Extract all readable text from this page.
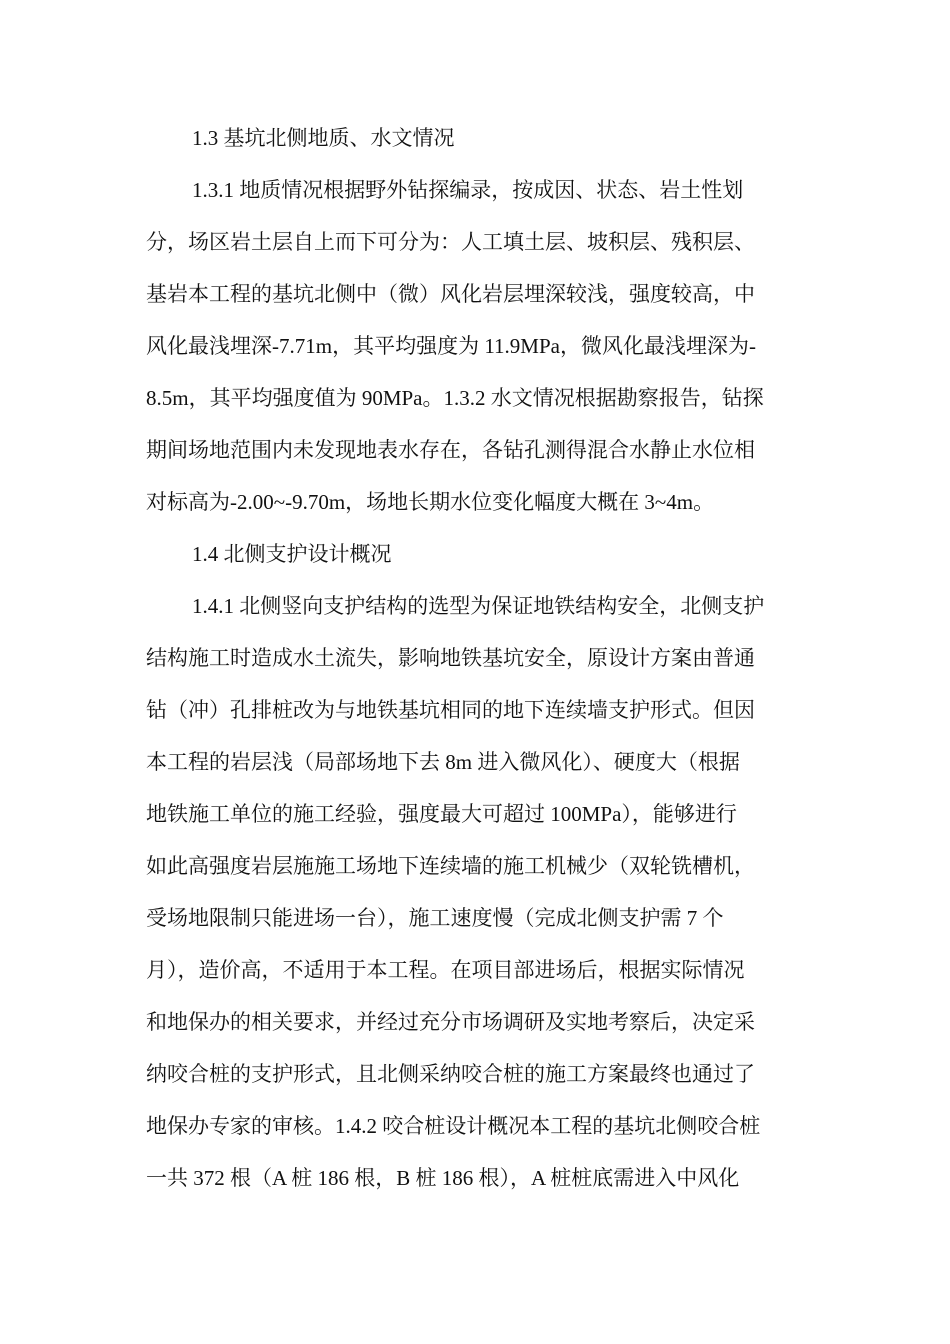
1.3 基坑北侧地质、水文情况

1.3.1 地质情况根据野外钻探编录，按成因、状态、岩土性划
分，场区岩土层自上而下可分为：人工填土层、坡积层、残积层、
基岩本工程的基坑北侧中（微）风化岩层埋深较浅，强度较高，中
风化最浅埋深-7.71m，其平均强度为 11.9MPa，微风化最浅埋深为-
8.5m，其平均强度值为 90MPa。1.3.2 水文情况根据勘察报告，钻探
期间场地范围内未发现地表水存在，各钻孔测得混合水静止水位相
对标高为-2.00~-9.70m，场地长期水位变化幅度大概在 3~4m。

1.4 北侧支护设计概况

1.4.1 北侧竖向支护结构的选型为保证地铁结构安全，北侧支护
结构施工时造成水土流失，影响地铁基坑安全，原设计方案由普通
钻（冲）孔排桩改为与地铁基坑相同的地下连续墙支护形式。但因
本工程的岩层浅（局部场地下去 8m 进入微风化）、硬度大（根据
地铁施工单位的施工经验，强度最大可超过 100MPa），能够进行
如此高强度岩层施施工场地下连续墙的施工机械少（双轮铣槽机，
受场地限制只能进场一台），施工速度慢（完成北侧支护需 7 个
月），造价高，不适用于本工程。在项目部进场后，根据实际情况
和地保办的相关要求，并经过充分市场调研及实地考察后，决定采
纳咬合桩的支护形式，且北侧采纳咬合桩的施工方案最终也通过了
地保办专家的审核。1.4.2 咬合桩设计概况本工程的基坑北侧咬合桩
一共 372 根（A 桩 186 根，B 桩 186 根），A 桩桩底需进入中风化
